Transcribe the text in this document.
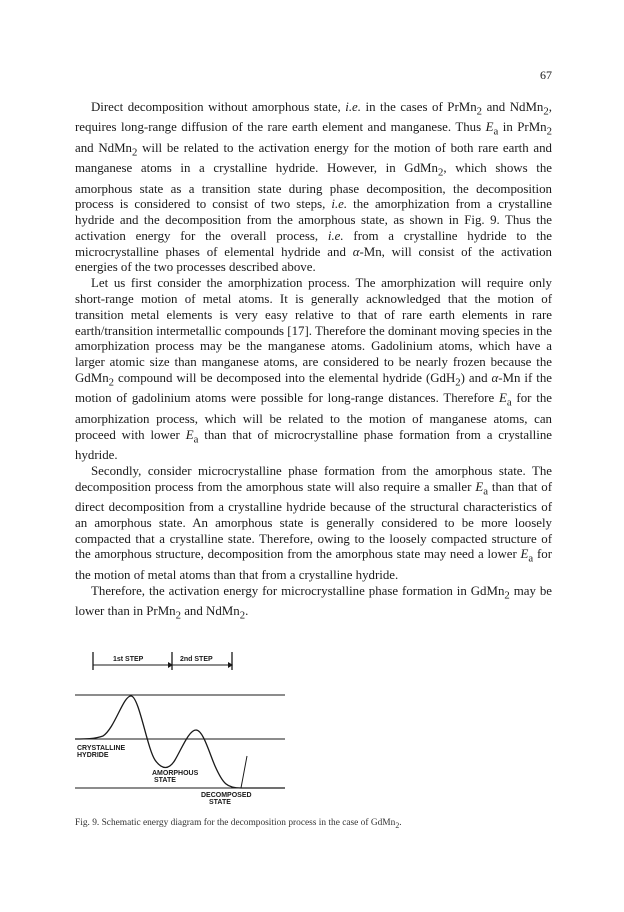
67

Direct decomposition without amorphous state, i.e. in the cases of PrMn$_2$ and NdMn$_2$, requires long-range diffusion of the rare earth element and manganese. Thus $E_a$ in PrMn$_2$ and NdMn$_2$ will be related to the activation energy for the motion of both rare earth and manganese atoms in a crystalline hydride. However, in GdMn$_2$, which shows the amorphous state as a transition state during phase decomposition, the decomposition process is considered to consist of two steps, i.e. the amorphization from a crystalline hydride and the decomposition from the amorphous state, as shown in Fig. 9. Thus the activation energy for the overall process, i.e. from a crystalline hydride to the microcrystalline phases of elemental hydride and α-Mn, will consist of the activation energies of the two processes described above.

Let us first consider the amorphization process. The amorphization will require only short-range motion of metal atoms. It is generally acknowledged that the motion of transition metal elements is very easy relative to that of rare earth elements in rare earth/transition intermetallic compounds [17]. Therefore the dominant moving species in the amorphization process may be the manganese atoms. Gadolinium atoms, which have a larger atomic size than manganese atoms, are considered to be nearly frozen because the GdMn$_2$ compound will be decomposed into the elemental hydride (GdH$_2$) and α-Mn if the motion of gadolinium atoms were possible for long-range distances. Therefore $E_a$ for the amorphization process, which will be related to the motion of manganese atoms, can proceed with lower $E_a$ than that of microcrystalline phase formation from a crystalline hydride.

Secondly, consider microcrystalline phase formation from the amorphous state. The decomposition process from the amorphous state will also require a smaller $E_a$ than that of direct decomposition from a crystalline hydride because of the structural characteristics of an amorphous state. An amorphous state is generally considered to be more loosely compacted that a crystalline state. Therefore, owing to the loosely compacted structure of the amorphous structure, decomposition from the amorphous state may need a lower $E_a$ for the motion of metal atoms than that from a crystalline hydride.

Therefore, the activation energy for microcrystalline phase formation in GdMn$_2$ may be lower than in PrMn$_2$ and NdMn$_2$.

1st STEP	2nd STEP
CRYSTALLINE
HYDRIDE
AMORPHOUS
STATE
DECOMPOSED
STATE
Fig. 9. Schematic energy diagram for the decomposition process in the case of GdMn$_2$.
